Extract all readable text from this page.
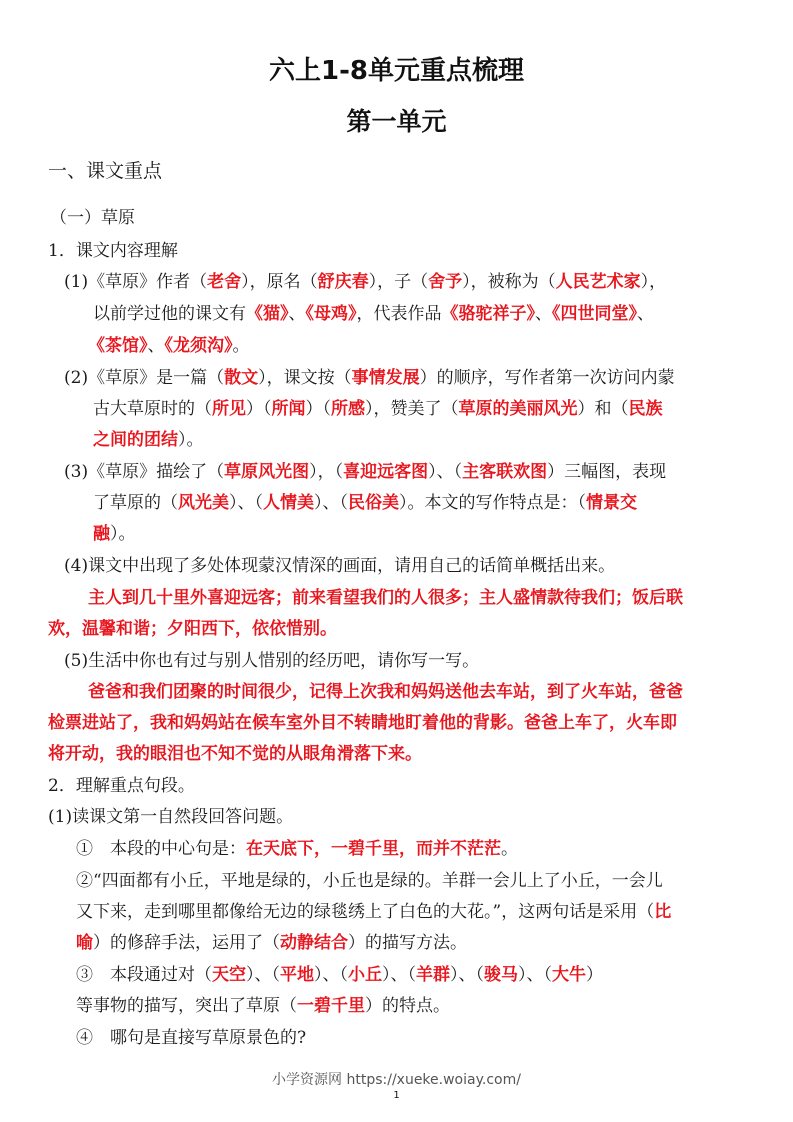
六上1-8单元重点梳理
第一单元
一、课文重点
（一）草原
1．课文内容理解
(1)《草原》作者（老舍），原名（舒庆春），子（舍予），被称为（人民艺术家），
以前学过他的课文有《猫》、《母鸡》，代表作品《骆驼祥子》、《四世同堂》、
《茶馆》、《龙须沟》。
(2)《草原》是一篇（散文），课文按（事情发展）的顺序，写作者第一次访问内蒙
古大草原时的（所见）（所闻）（所感），赞美了（草原的美丽风光）和（民族
之间的团结）。
(3)《草原》描绘了（草原风光图），（喜迎远客图）、（主客联欢图）三幅图，表现
了草原的（风光美）、（人情美）、（民俗美）。本文的写作特点是：（情景交
融）。
(4)课文中出现了多处体现蒙汉情深的画面，请用自己的话简单概括出来。
主人到几十里外喜迎远客；前来看望我们的人很多；主人盛情款待我们；饭后联
欢，温馨和谐；夕阳西下，依依惜别。
(5)生活中你也有过与别人惜别的经历吧，请你写一写。
爸爸和我们团聚的时间很少，记得上次我和妈妈送他去车站，到了火车站，爸爸
检票进站了，我和妈妈站在候车室外目不转睛地盯着他的背影。爸爸上车了，火车即
将开动，我的眼泪也不知不觉的从眼角滑落下来。
2．理解重点句段。
(1)读课文第一自然段回答问题。
①　本段的中心句是：在天底下，一碧千里，而并不茫茫。
②“四面都有小丘，平地是绿的，小丘也是绿的。羊群一会儿上了小丘，一会儿
又下来，走到哪里都像给无边的绿毯绣上了白色的大花。”，这两句话是采用（比
喻）的修辞手法，运用了（动静结合）的描写方法。
③　本段通过对（天空）、（平地）、（小丘）、（羊群）、（骏马）、（大牛）
等事物的描写，突出了草原（一碧千里）的特点。
④　哪句是直接写草原景色的?
小学资源网 https://xueke.woiay.com/
1
